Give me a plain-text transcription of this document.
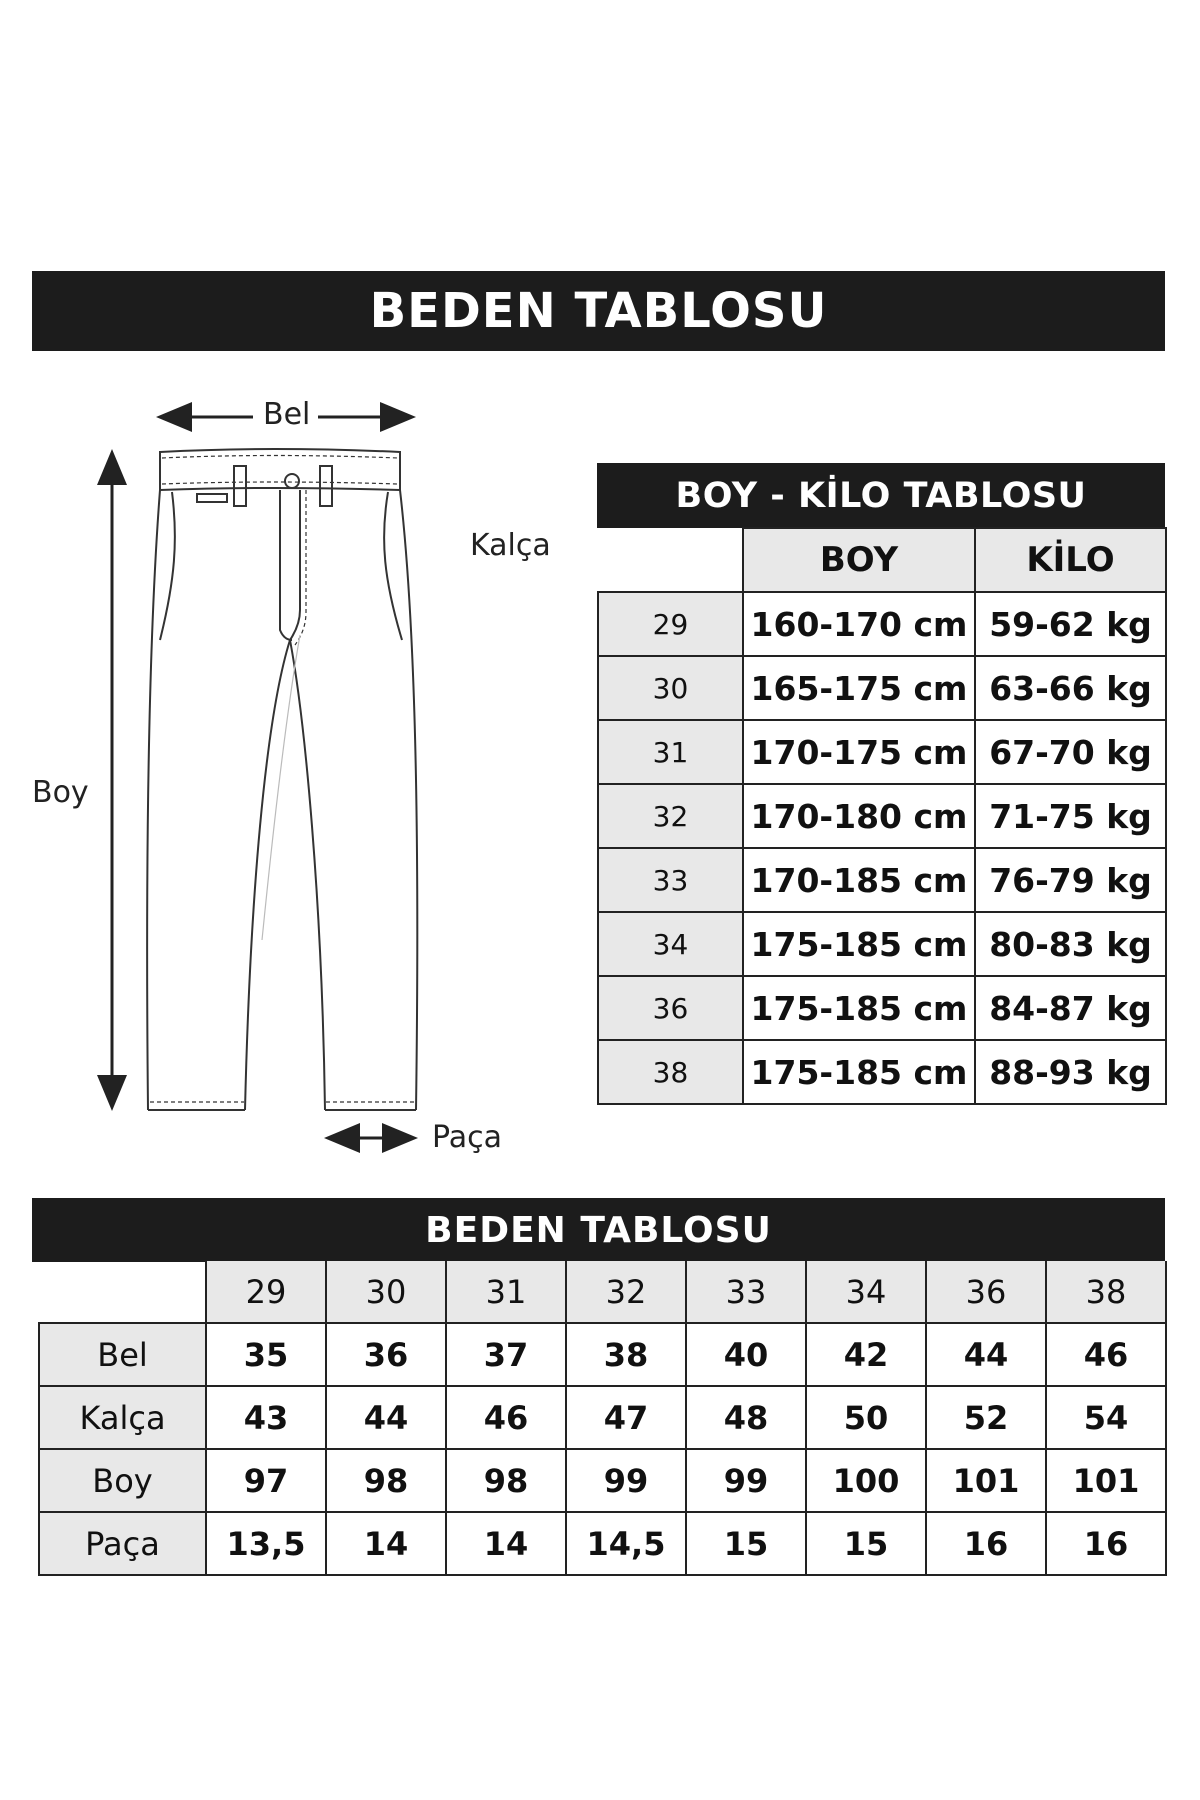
BEDEN TABLOSU
Bel
Kalça
Boy
Paça
BOY - KİLO TABLOSU
	BOY	KİLO
29	160-170 cm	59-62 kg
30	165-175 cm	63-66 kg
31	170-175 cm	67-70 kg
32	170-180 cm	71-75 kg
33	170-185 cm	76-79 kg
34	175-185 cm	80-83 kg
36	175-185 cm	84-87 kg
38	175-185 cm	88-93 kg
BEDEN TABLOSU
	29	30	31	32	33	34	36	38
Bel	35	36	37	38	40	42	44	46
Kalça	43	44	46	47	48	50	52	54
Boy	97	98	98	99	99	100	101	101
Paça	13,5	14	14	14,5	15	15	16	16
